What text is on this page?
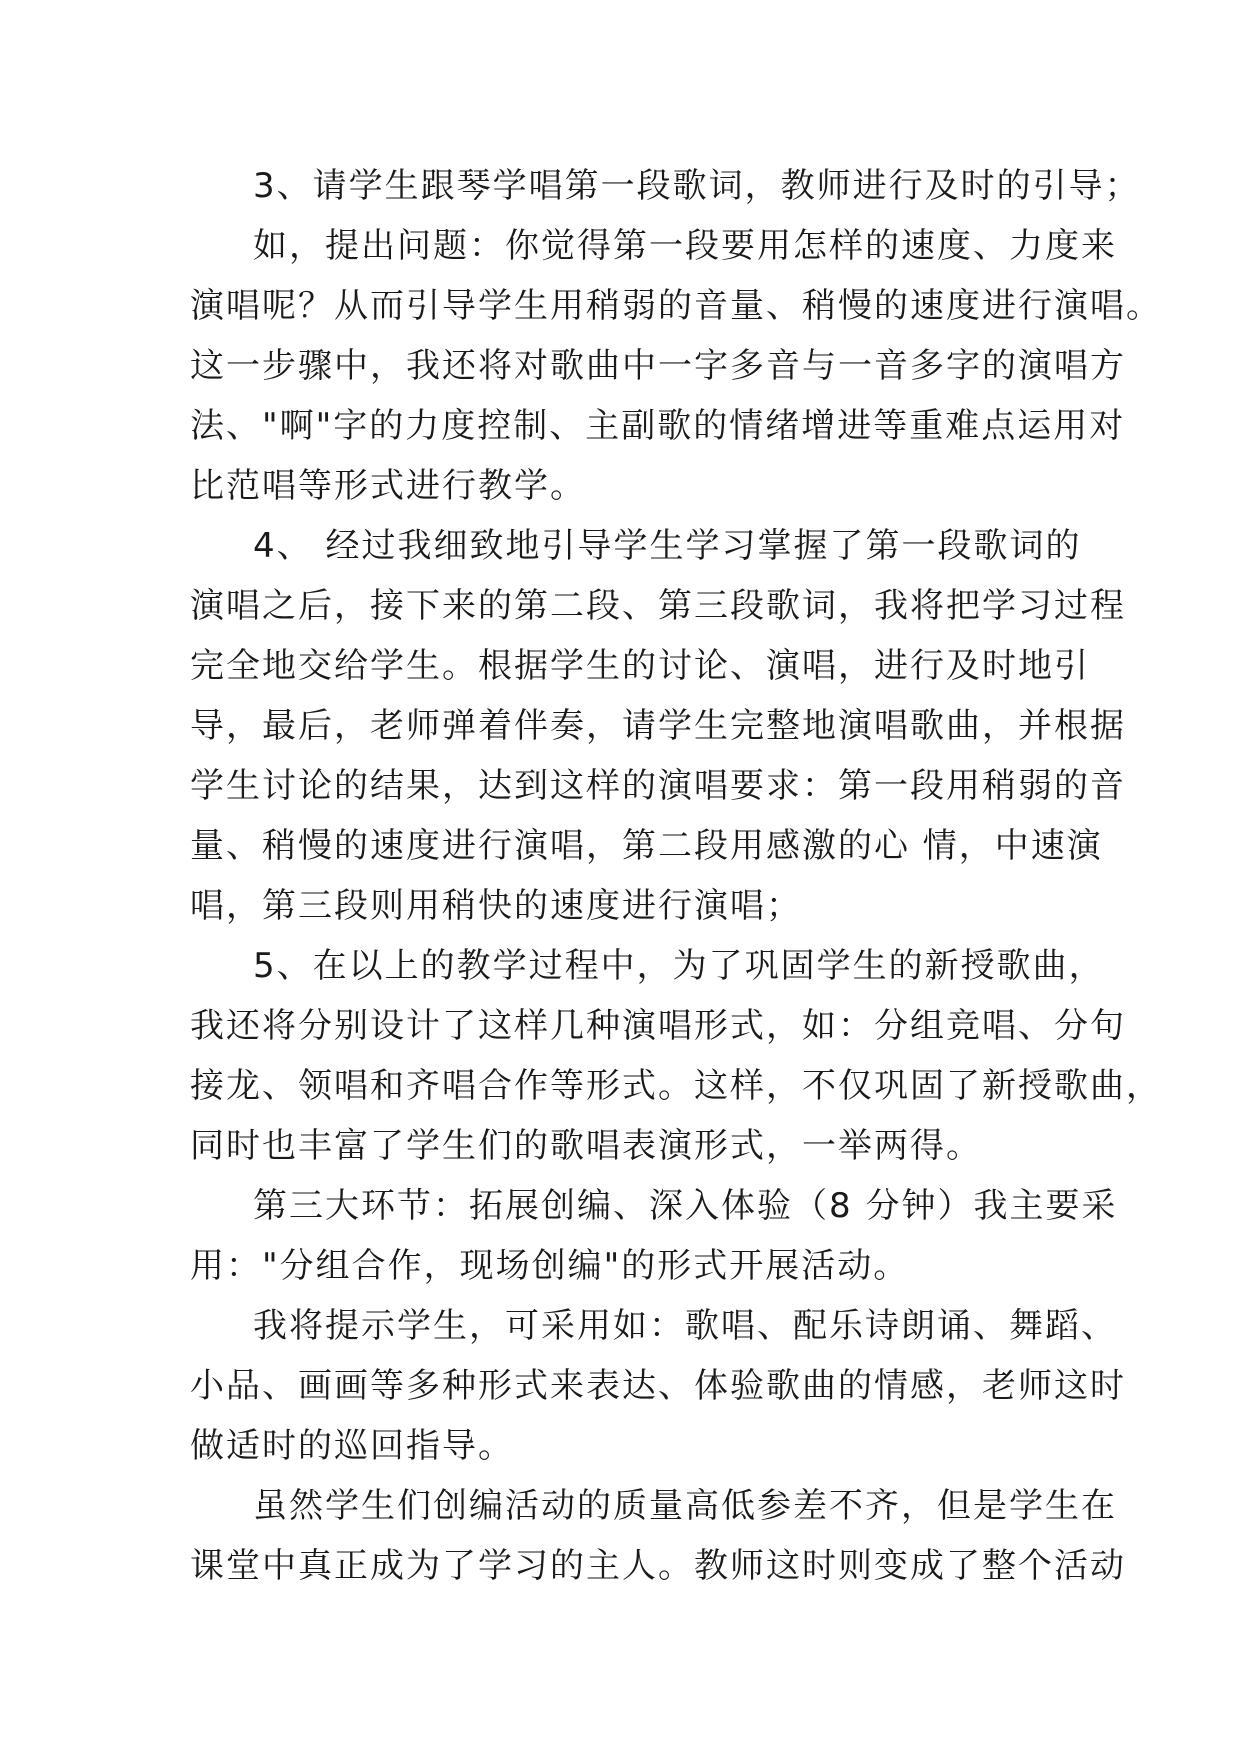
3、请学生跟琴学唱第一段歌词，教师进行及时的引导；
如，提出问题：你觉得第一段要用怎样的速度、力度来
演唱呢？从而引导学生用稍弱的音量、稍慢的速度进行演唱。
这一步骤中，我还将对歌曲中一字多音与一音多字的演唱方
法、"啊"字的力度控制、主副歌的情绪增进等重难点运用对
比范唱等形式进行教学。
4、 经过我细致地引导学生学习掌握了第一段歌词的
演唱之后，接下来的第二段、第三段歌词，我将把学习过程
完全地交给学生。根据学生的讨论、演唱，进行及时地引
导，最后，老师弹着伴奏，请学生完整地演唱歌曲，并根据
学生讨论的结果，达到这样的演唱要求：第一段用稍弱的音
量、稍慢的速度进行演唱，第二段用感激的心 情，中速演
唱，第三段则用稍快的速度进行演唱；
5、在以上的教学过程中，为了巩固学生的新授歌曲，
我还将分别设计了这样几种演唱形式，如：分组竞唱、分句
接龙、领唱和齐唱合作等形式。这样，不仅巩固了新授歌曲，
同时也丰富了学生们的歌唱表演形式，一举两得。
第三大环节：拓展创编、深入体验（8 分钟）我主要采
用："分组合作，现场创编"的形式开展活动。
我将提示学生，可采用如：歌唱、配乐诗朗诵、舞蹈、
小品、画画等多种形式来表达、体验歌曲的情感，老师这时
做适时的巡回指导。
虽然学生们创编活动的质量高低参差不齐，但是学生在
课堂中真正成为了学习的主人。教师这时则变成了整个活动
